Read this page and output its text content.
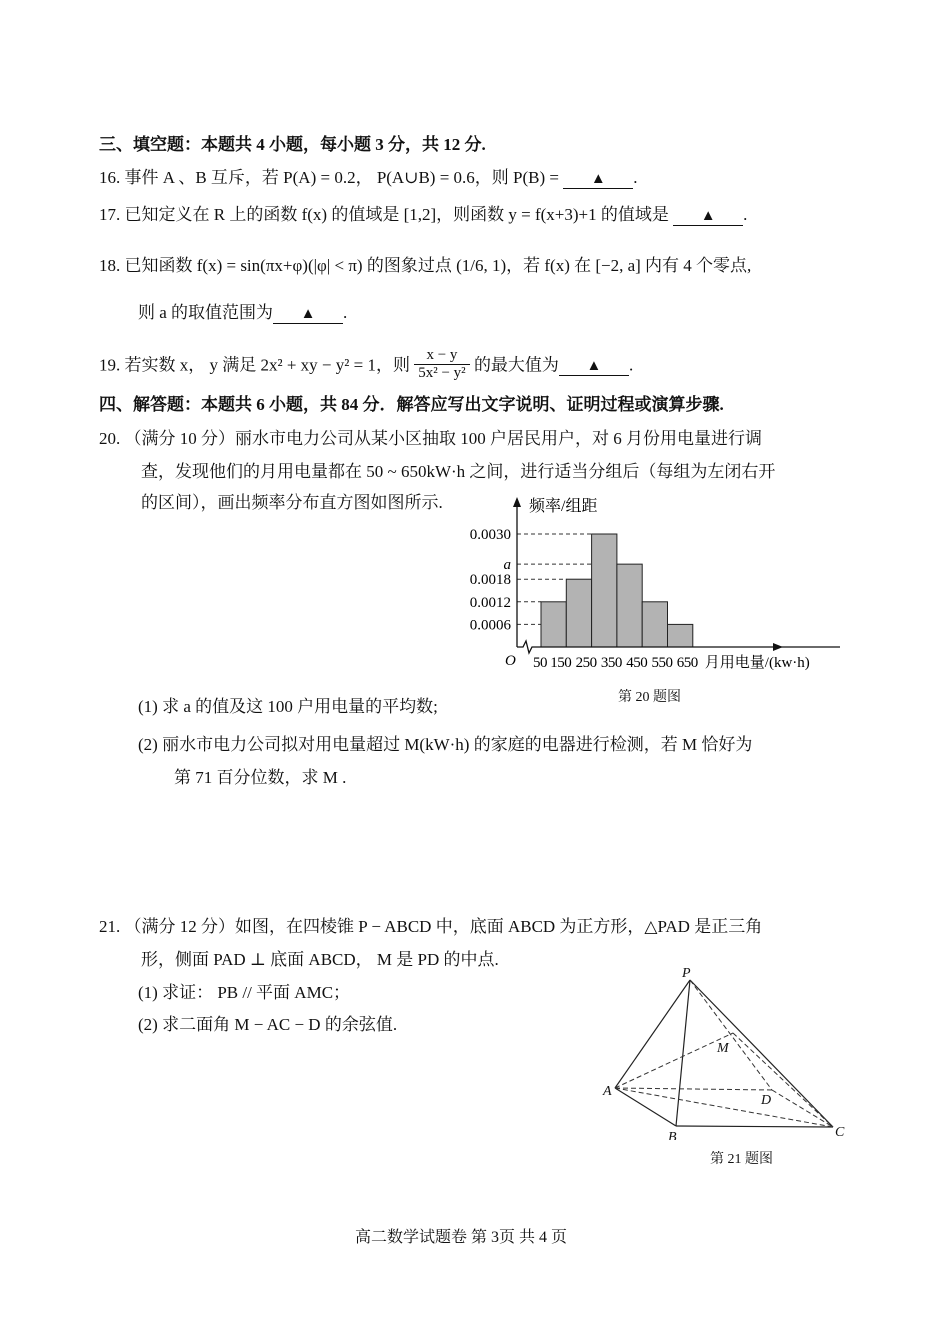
三、填空题：本题共 4 小题，每小题 3 分，共 12 分.
16. 事件 A 、B 互斥，若 P(A) = 0.2， P(A∪B) = 0.6，则 P(B) = ▲ .
17. 已知定义在 R 上的函数 f(x) 的值域是 [1,2]，则函数 y = f(x+3)+1 的值域是 ▲ .
18. 已知函数 f(x) = sin(πx+φ)(|φ| < π) 的图象过点 (1/6, 1)，若 f(x) 在 [−2, a] 内有 4 个零点,
则 a 的取值范围为 ▲ .
19. 若实数 x， y 满足 2x² + xy − y² = 1，则 $\frac{x - y}{\text{5x² − y²}}$ 的最大值为 ▲ .
四、解答题：本题共 6 小题，共 84 分．解答应写出文字说明、证明过程或演算步骤.
20. （满分 10 分）丽水市电力公司从某小区抽取 100 户居民用户，对 6 月份用电量进行调
查，发现他们的月用电量都在 50 ~ 650kW·h 之间，进行适当分组后（每组为左闭右开
的区间），画出频率分布直方图如图所示.
0.0006
0.0012
0.0018
a
0.0030
频率/组距
O 50 150 250 350 450 550 650 月用电量/(kw·h)
第 20 题图
(1) 求 a 的值及这 100 户用电量的平均数;
(2) 丽水市电力公司拟对用电量超过 M(kW·h) 的家庭的电器进行检测，若 M 恰好为
第 71 百分位数，求 M .
21. （满分 12 分）如图，在四棱锥 P − ABCD 中，底面 ABCD 为正方形，△PAD 是正三角
形，侧面 PAD ⊥ 底面 ABCD， M 是 PD 的中点.
(1) 求证： PB // 平面 AMC；
(2) 求二面角 M − AC − D 的余弦值.
P
M
A
D
B	C
第 21 题图
高二数学试题卷 第 3页 共 4 页
